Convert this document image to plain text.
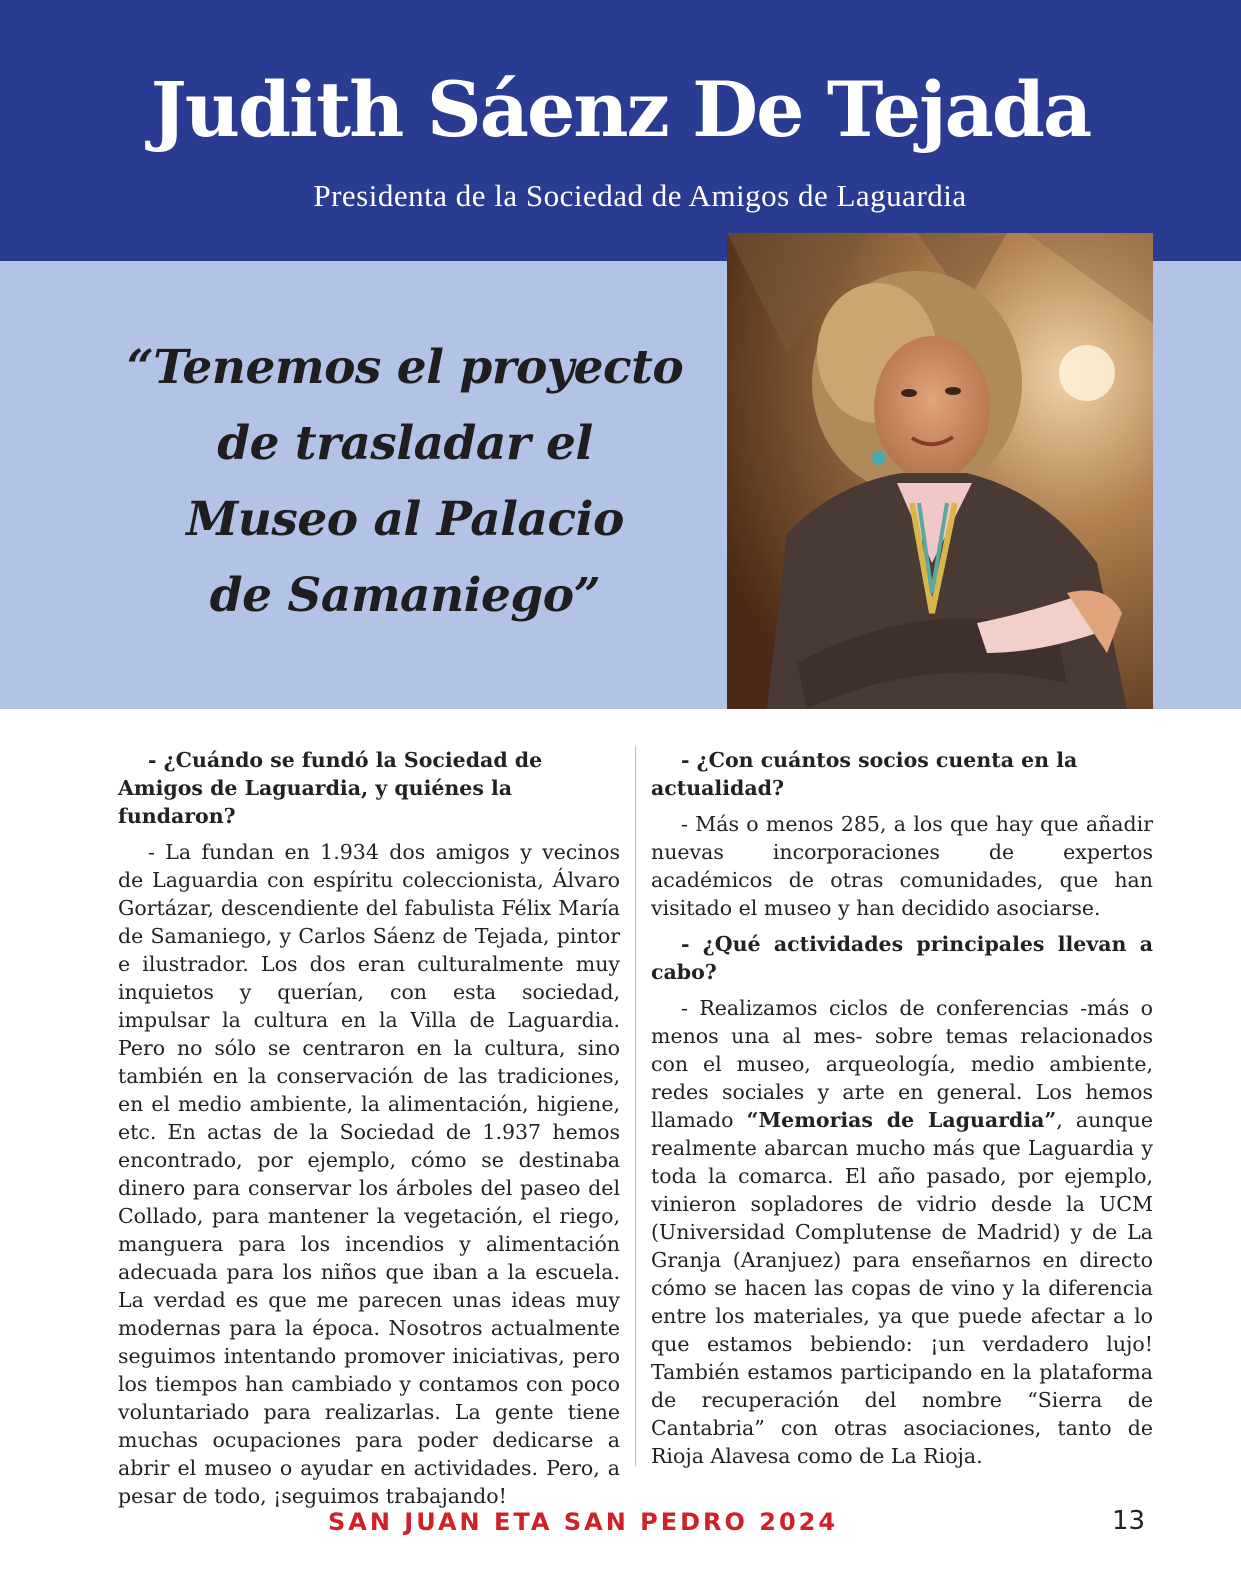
Judith Sáenz De Tejada
Presidenta de la Sociedad de Amigos de Laguardia
“Tenemos el proyecto
de trasladar el
Museo al Palacio
de Samaniego”

- ¿Cuándo se fundó la Sociedad de Amigos de Laguardia, y quiénes la fundaron?

- La fundan en 1.934 dos amigos y vecinos de Laguardia con espíritu coleccionista, Álvaro Gortázar, descendiente del fabulista Félix María de Samaniego, y Carlos Sáenz de Tejada, pintor e ilustrador. Los dos eran culturalmente muy inquietos y querían, con esta sociedad, impulsar la cultura en la Villa de Laguardia. Pero no sólo se centraron en la cultura, sino también en la conservación de las tradiciones, en el medio ambiente, la alimentación, higiene, etc. En actas de la Sociedad de 1.937 hemos encontrado, por ejemplo, cómo se destinaba dinero para conservar los árboles del paseo del Collado, para mantener la vegetación, el riego, manguera para los incendios y alimentación adecuada para los niños que iban a la escuela. La verdad es que me parecen unas ideas muy modernas para la época. Nosotros actualmente seguimos intentando promover iniciativas, pero los tiempos han cambiado y contamos con poco voluntariado para realizarlas. La gente tiene muchas ocupaciones para poder dedicarse a abrir el museo o ayudar en actividades. Pero, a pesar de todo, ¡seguimos trabajando!

- ¿Con cuántos socios cuenta en la actualidad?

- Más o menos 285, a los que hay que añadir nuevas incorporaciones de expertos académicos de otras comunidades, que han visitado el museo y han decidido asociarse.

- ¿Qué actividades principales llevan a cabo?

- Realizamos ciclos de conferencias -más o menos una al mes- sobre temas relacionados con el museo, arqueología, medio ambiente, redes sociales y arte en general. Los hemos llamado “Memorias de Laguardia”, aunque realmente abarcan mucho más que Laguardia y toda la comarca. El año pasado, por ejemplo, vinieron sopladores de vidrio desde la UCM (Universidad Complutense de Madrid) y de La Granja (Aranjuez) para enseñarnos en directo cómo se hacen las copas de vino y la diferencia entre los materiales, ya que puede afectar a lo que estamos bebiendo: ¡un verdadero lujo! También estamos participando en la plataforma de recuperación del nombre “Sierra de Cantabria” con otras asociaciones, tanto de Rioja Alavesa como de La Rioja.

SAN JUAN ETA SAN PEDRO 2024	13
